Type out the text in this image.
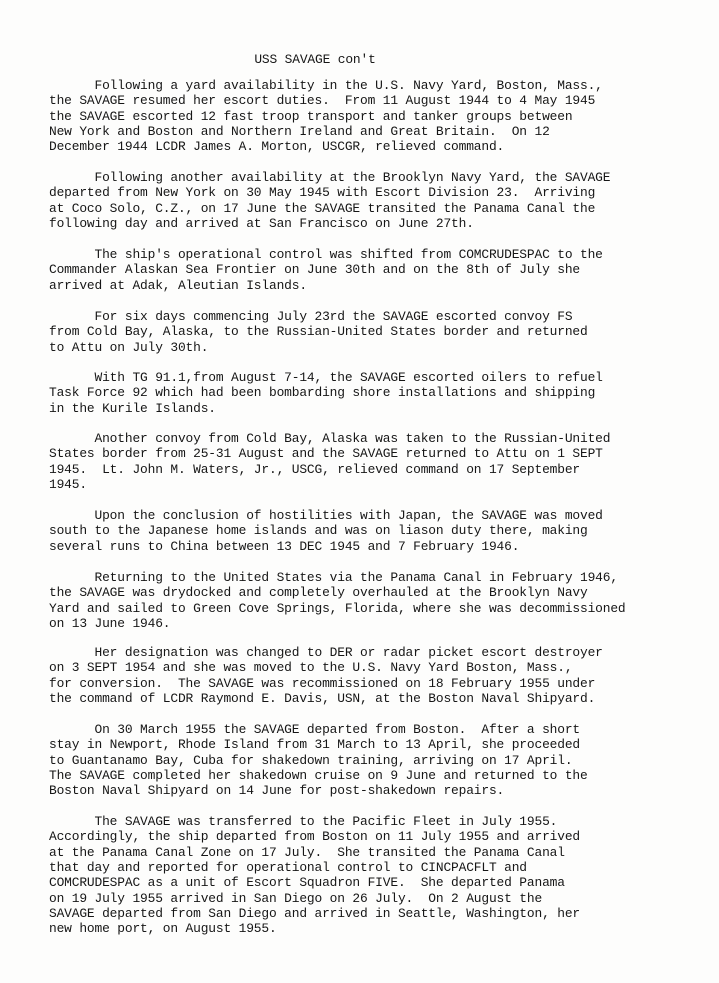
USS SAVAGE con't
Following a yard availability in the U.S. Navy Yard, Boston, Mass.,
the SAVAGE resumed her escort duties.  From 11 August 1944 to 4 May 1945
the SAVAGE escorted 12 fast troop transport and tanker groups between
New York and Boston and Northern Ireland and Great Britain.  On 12
December 1944 LCDR James A. Morton, USCGR, relieved command.
Following another availability at the Brooklyn Navy Yard, the SAVAGE
departed from New York on 30 May 1945 with Escort Division 23.  Arriving
at Coco Solo, C.Z., on 17 June the SAVAGE transited the Panama Canal the
following day and arrived at San Francisco on June 27th.
The ship's operational control was shifted from COMCRUDESPAC to the
Commander Alaskan Sea Frontier on June 30th and on the 8th of July she
arrived at Adak, Aleutian Islands.
For six days commencing July 23rd the SAVAGE escorted convoy FS
from Cold Bay, Alaska, to the Russian-United States border and returned
to Attu on July 30th.
With TG 91.1,from August 7-14, the SAVAGE escorted oilers to refuel
Task Force 92 which had been bombarding shore installations and shipping
in the Kurile Islands.
Another convoy from Cold Bay, Alaska was taken to the Russian-United
States border from 25-31 August and the SAVAGE returned to Attu on 1 SEPT
1945.  Lt. John M. Waters, Jr., USCG, relieved command on 17 September
1945.
Upon the conclusion of hostilities with Japan, the SAVAGE was moved
south to the Japanese home islands and was on liason duty there, making
several runs to China between 13 DEC 1945 and 7 February 1946.
Returning to the United States via the Panama Canal in February 1946,
the SAVAGE was drydocked and completely overhauled at the Brooklyn Navy
Yard and sailed to Green Cove Springs, Florida, where she was decommissioned
on 13 June 1946.
Her designation was changed to DER or radar picket escort destroyer
on 3 SEPT 1954 and she was moved to the U.S. Navy Yard Boston, Mass.,
for conversion.  The SAVAGE was recommissioned on 18 February 1955 under
the command of LCDR Raymond E. Davis, USN, at the Boston Naval Shipyard.
On 30 March 1955 the SAVAGE departed from Boston.  After a short
stay in Newport, Rhode Island from 31 March to 13 April, she proceeded
to Guantanamo Bay, Cuba for shakedown training, arriving on 17 April.
The SAVAGE completed her shakedown cruise on 9 June and returned to the
Boston Naval Shipyard on 14 June for post-shakedown repairs.
The SAVAGE was transferred to the Pacific Fleet in July 1955.
Accordingly, the ship departed from Boston on 11 July 1955 and arrived
at the Panama Canal Zone on 17 July.  She transited the Panama Canal
that day and reported for operational control to CINCPACFLT and
COMCRUDESPAC as a unit of Escort Squadron FIVE.  She departed Panama
on 19 July 1955 arrived in San Diego on 26 July.  On 2 August the
SAVAGE departed from San Diego and arrived in Seattle, Washington, her
new home port, on August 1955.
